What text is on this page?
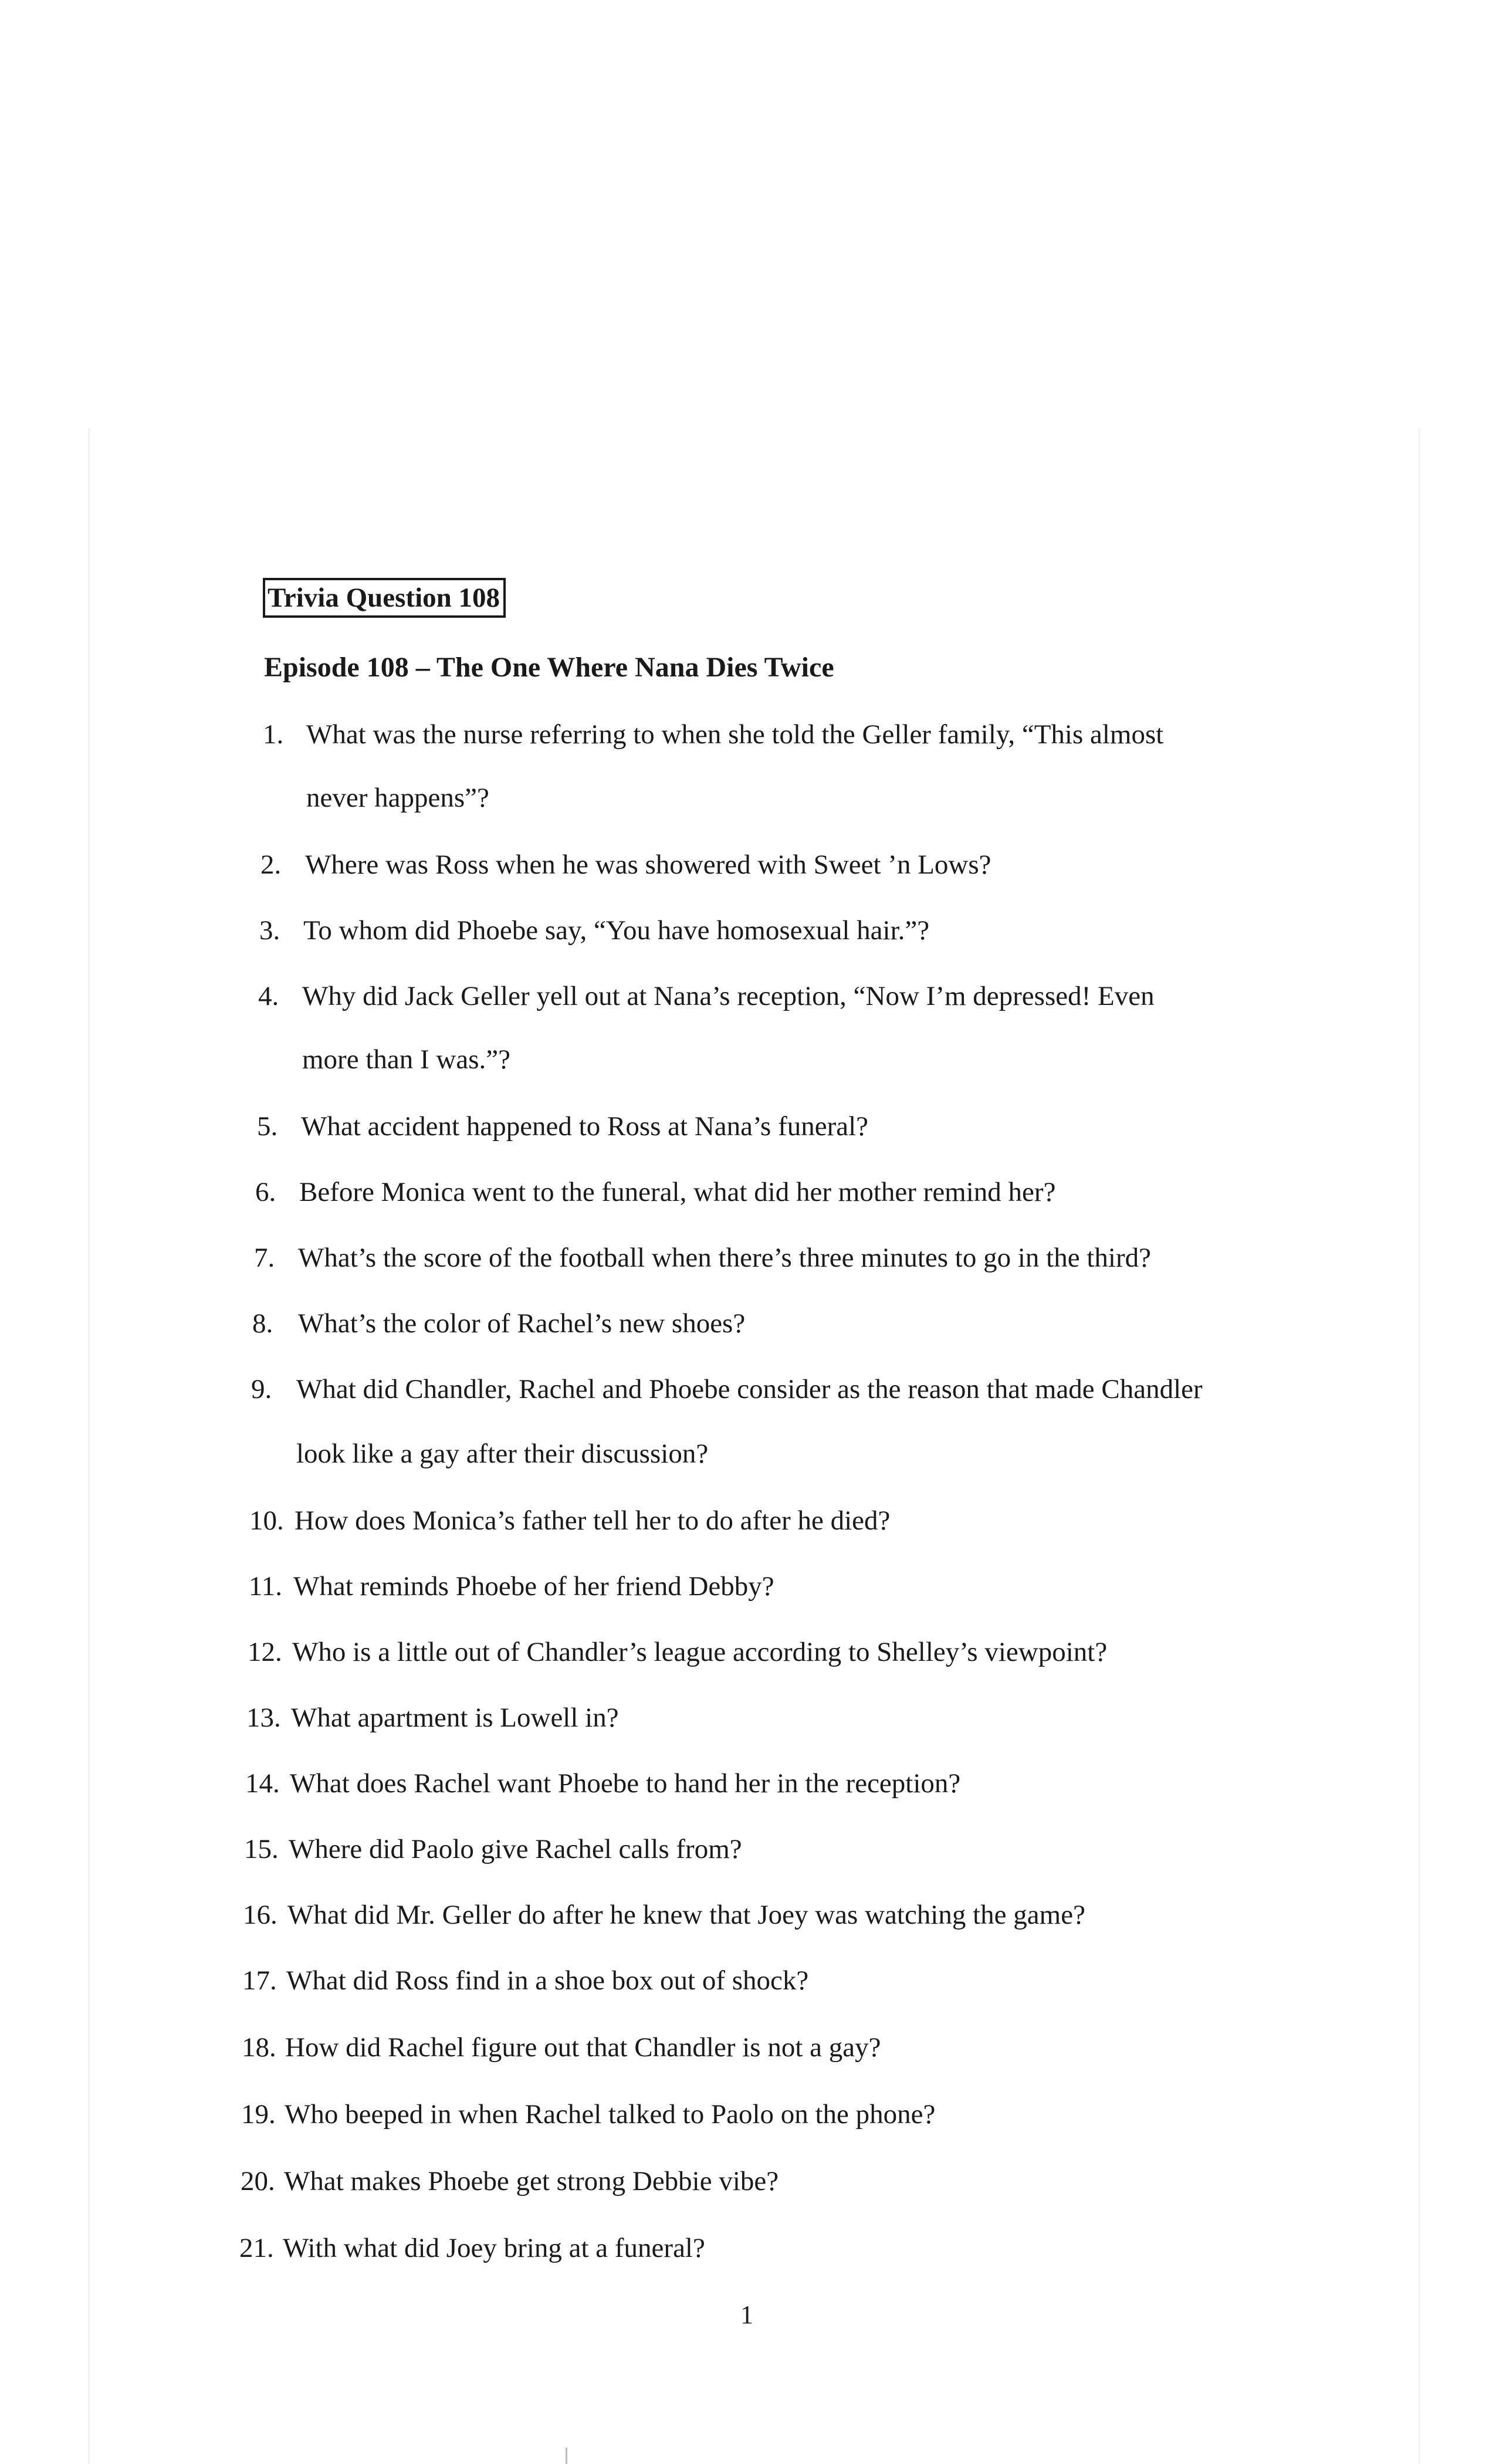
Trivia Question 108
Episode 108 – The One Where Nana Dies Twice
1. What was the nurse referring to when she told the Geller family, “This almost
never happens”?
2. Where was Ross when he was showered with Sweet ’n Lows?
3. To whom did Phoebe say, “You have homosexual hair.”?
4. Why did Jack Geller yell out at Nana’s reception, “Now I’m depressed! Even
more than I was.”?
5. What accident happened to Ross at Nana’s funeral?
6. Before Monica went to the funeral, what did her mother remind her?
7. What’s the score of the football when there’s three minutes to go in the third?
8. What’s the color of Rachel’s new shoes?
9. What did Chandler, Rachel and Phoebe consider as the reason that made Chandler
look like a gay after their discussion?
10. How does Monica’s father tell her to do after he died?
11. What reminds Phoebe of her friend Debby?
12. Who is a little out of Chandler’s league according to Shelley’s viewpoint?
13. What apartment is Lowell in?
14. What does Rachel want Phoebe to hand her in the reception?
15. Where did Paolo give Rachel calls from?
16. What did Mr. Geller do after he knew that Joey was watching the game?
17. What did Ross find in a shoe box out of shock?
18. How did Rachel figure out that Chandler is not a gay?
19. Who beeped in when Rachel talked to Paolo on the phone?
20. What makes Phoebe get strong Debbie vibe?
21. With what did Joey bring at a funeral?
1
